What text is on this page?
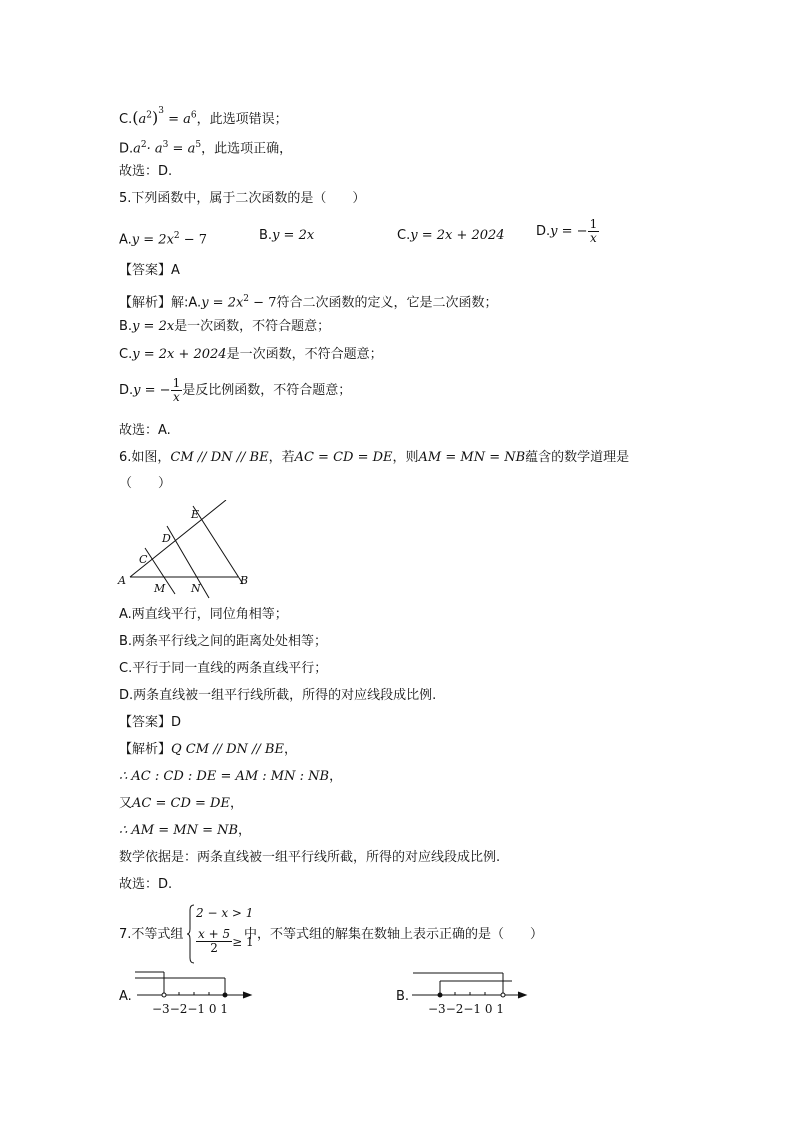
$C.(a^2)^3 = a^6$，此选项错误；
$D.a^2\cdot a^3 = a^5$，此选项正确，
故选：D.
5.下列函数中，属于二次函数的是（　　）
$A.y = 2x^2 - 7$	B.y = 2x	C.y = 2x + 2024 D.y = − $\frac{1}{x}$
【答案】A
【解析】解:A.y = $2x^2 - 7$符合二次函数的定义，它是二次函数；
B.y = 2x是一次函数，不符合题意；
C.y = 2x + 2024是一次函数，不符合题意；
D.y = − $\frac{1}{x}$ 是反比例函数，不符合题意；
故选：A.
6.如图，CM // DN // BE，若AC = CD = DE，则AM = MN = NB蕴含的数学道理是
（　　）
A	B
C
D
E
M N
A.两直线平行，同位角相等；
B.两条平行线之间的距离处处相等；
C.平行于同一直线的两条直线平行；
D.两条直线被一组平行线所截，所得的对应线段成比例.
【答案】D
【解析】Q CM // DN // BE，
∴ AC : CD : DE = AM : MN : NB，
又AC = CD = DE，
∴ AM = MN = NB，
数学依据是：两条直线被一组平行线所截，所得的对应线段成比例.
故选：D.
7.不等式组
2 − x > 1
$\frac{x + 5}{2} \ge 1$
中，不等式组的解集在数轴上表示正确的是（　　）
A.
−3−2−1 0 1
B.
−3−2−1 0 1
